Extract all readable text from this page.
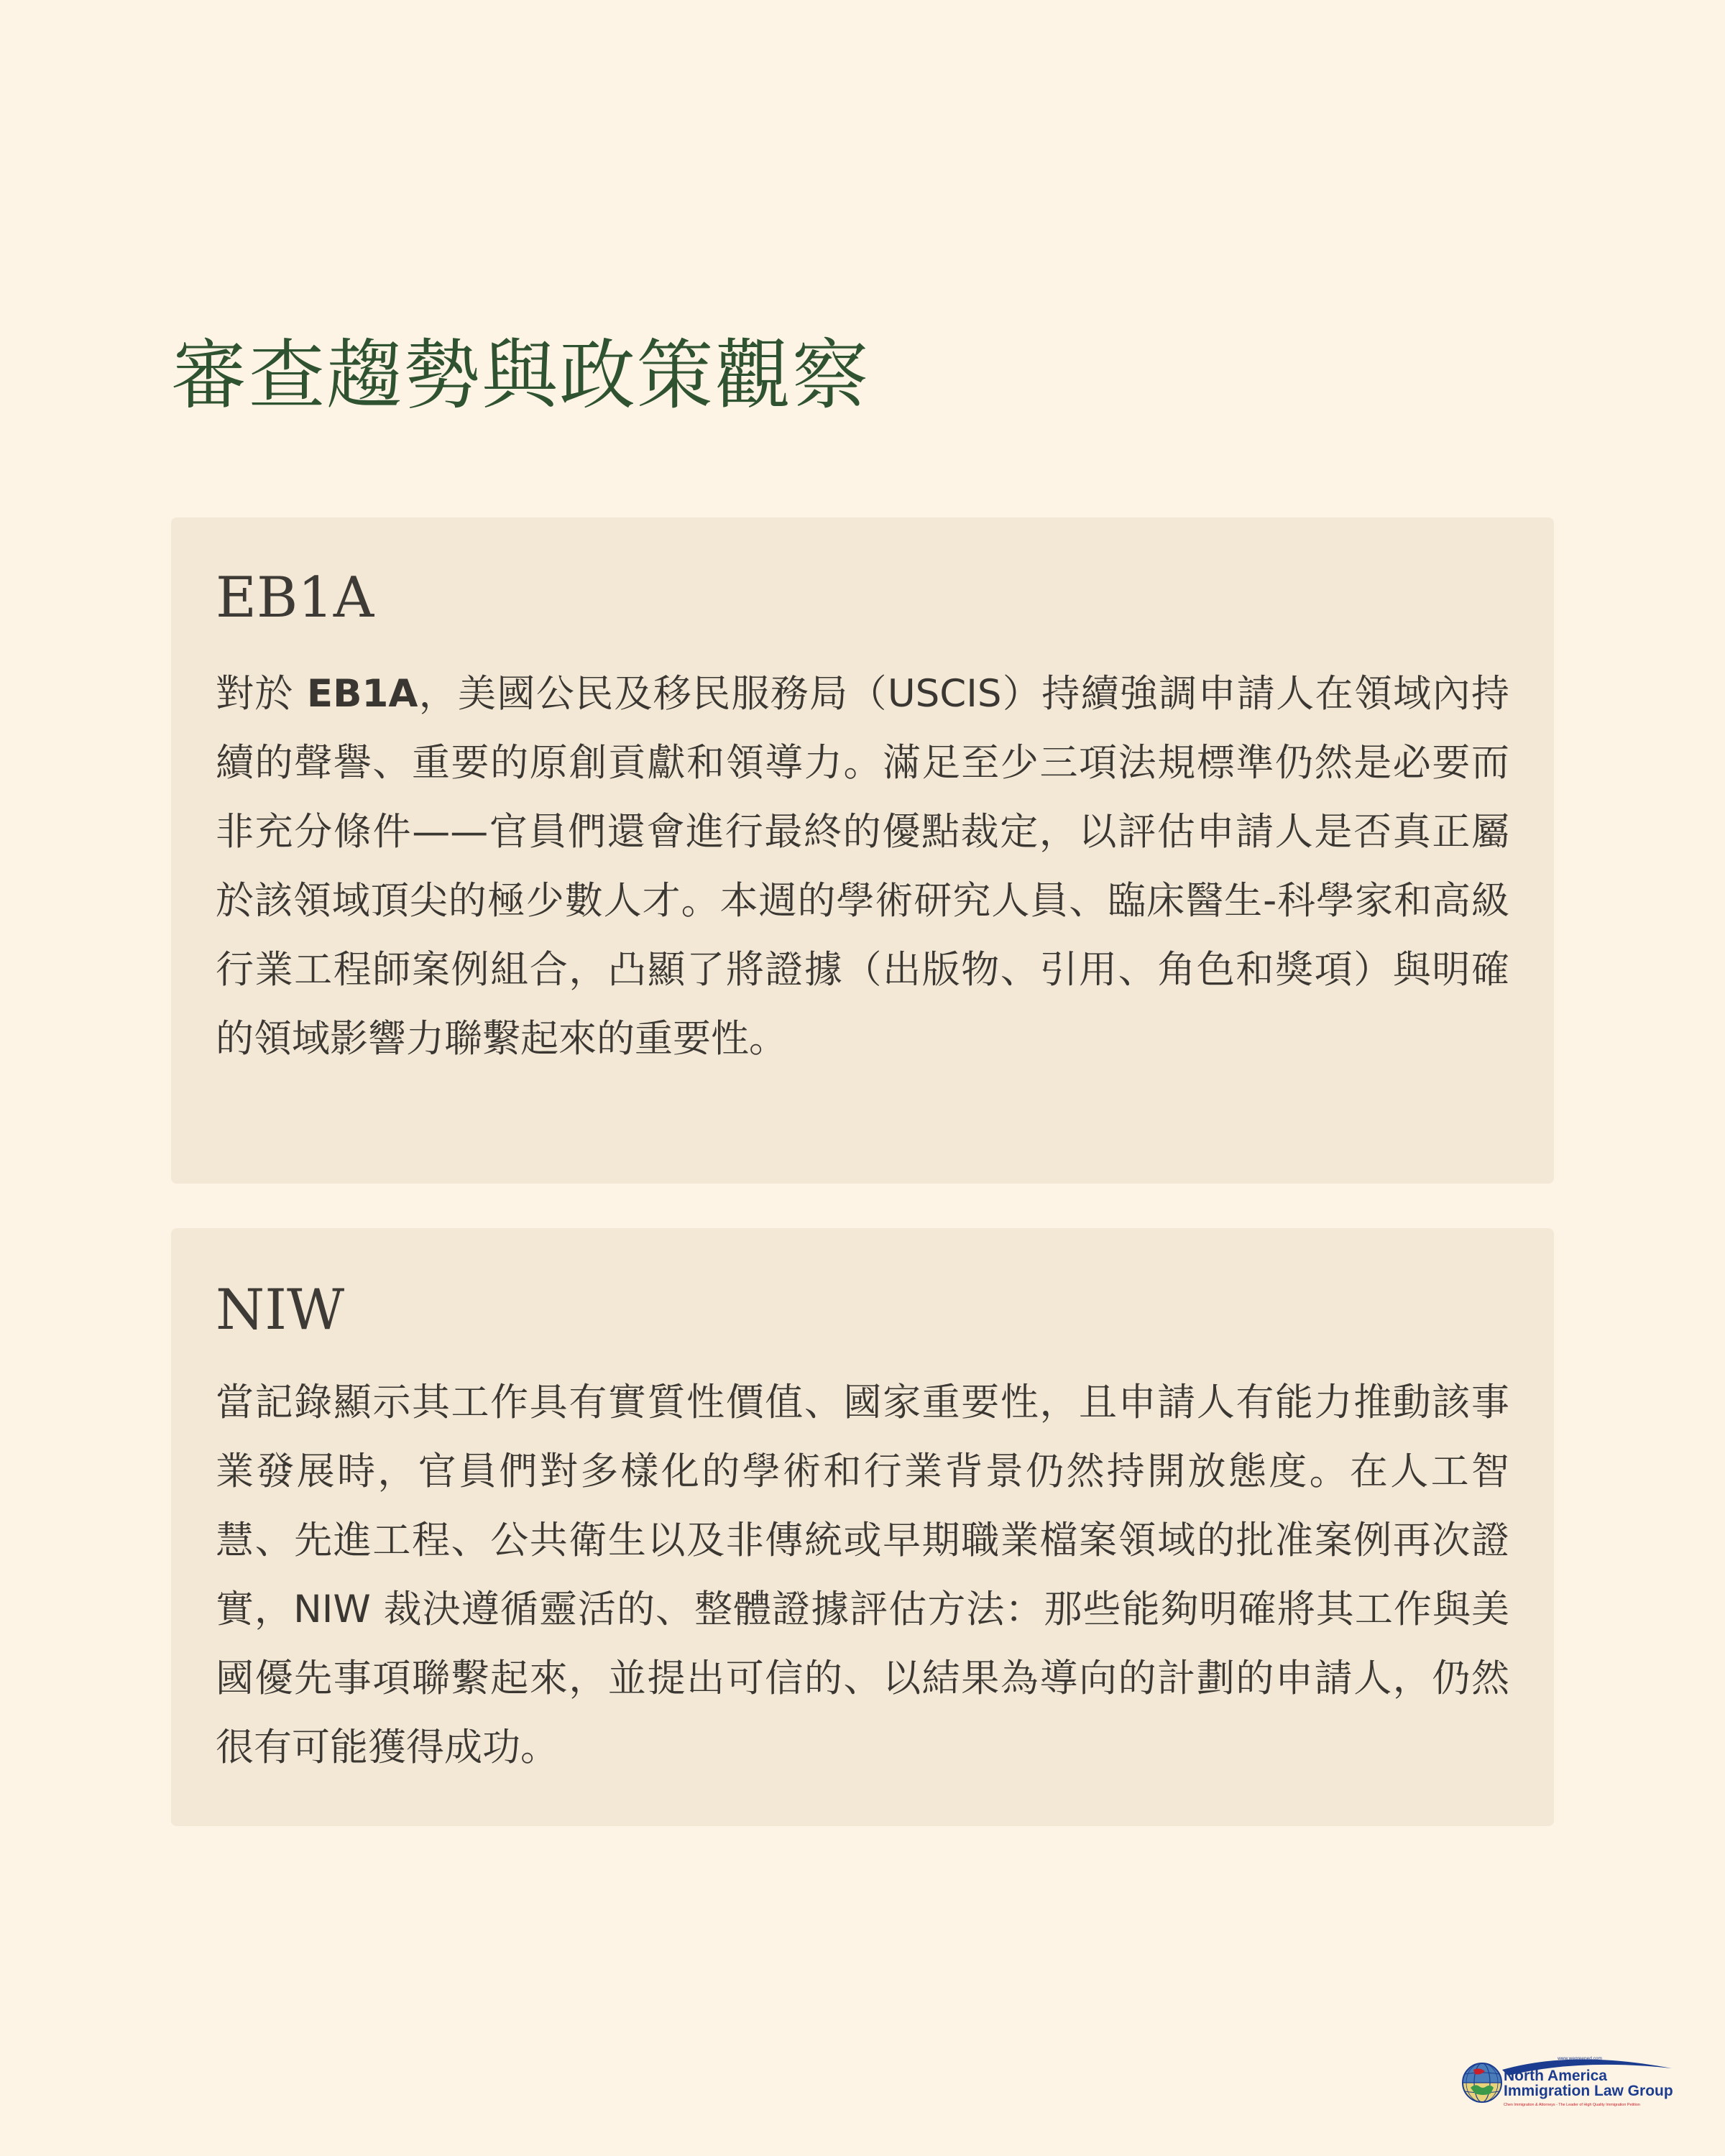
審查趨勢與政策觀察
EB1A

對於 EB1A，美國公民及移民服務局（USCIS）持續強調申請人在領域內持續的聲譽、重要的原創貢獻和領導力。滿足至少三項法規標準仍然是必要而非充分條件——官員們還會進行最終的優點裁定，以評估申請人是否真正屬於該領域頂尖的極少數人才。本週的學術研究人員、臨床醫生-科學家和高級行業工程師案例組合，凸顯了將證據（出版物、引用、角色和獎項）與明確的領域影響力聯繫起來的重要性。

NIW

當記錄顯示其工作具有實質性價值、國家重要性，且申請人有能力推動該事業發展時，官員們對多樣化的學術和行業背景仍然持開放態度。在人工智慧、先進工程、公共衛生以及非傳統或早期職業檔案領域的批准案例再次證實，NIW 裁決遵循靈活的、整體證據評估方法：那些能夠明確將其工作與美國優先事項聯繫起來，並提出可信的、以結果為導向的計劃的申請人，仍然很有可能獲得成功。

www.wegreened.com
North America
Immigration Law Group
Chen Immigration & Attorneys - The Leader of High Quality Immigration Petition
